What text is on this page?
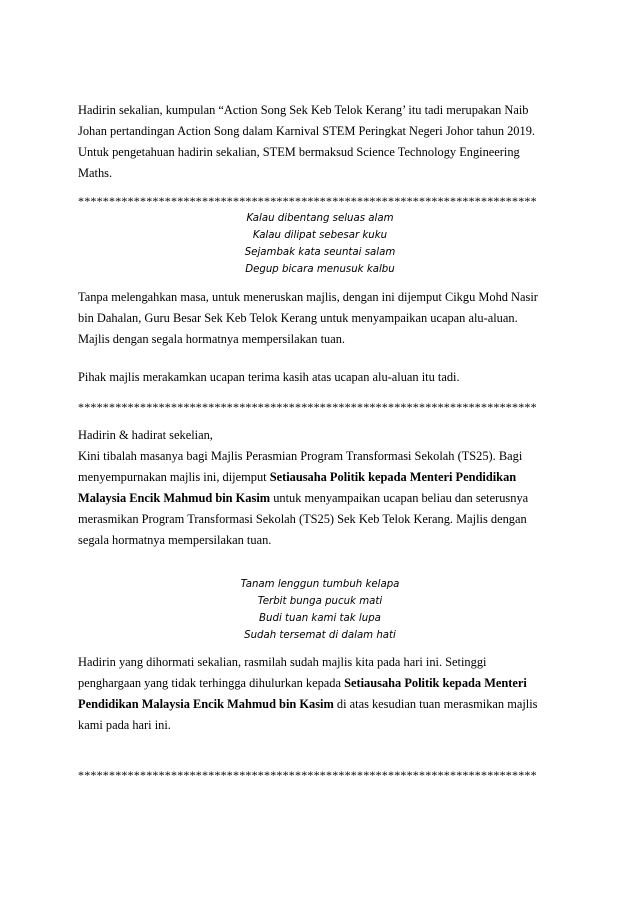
Hadirin sekalian, kumpulan “Action Song Sek Keb Telok Kerang’ itu tadi merupakan Naib
Johan pertandingan Action Song dalam Karnival STEM Peringkat Negeri Johor tahun 2019.
Untuk pengetahuan hadirin sekalian, STEM bermaksud Science Technology Engineering
Maths.

**************************************************************************
Kalau dibentang seluas alam
Kalau dilipat sebesar kuku
Sejambak kata seuntai salam
Degup bicara menusuk kalbu

Tanpa melengahkan masa, untuk meneruskan majlis, dengan ini dijemput Cikgu Mohd Nasir
bin Dahalan, Guru Besar Sek Keb Telok Kerang untuk menyampaikan ucapan alu-aluan.
Majlis dengan segala hormatnya mempersilakan tuan.

Pihak majlis merakamkan ucapan terima kasih atas ucapan alu-aluan itu tadi.

**************************************************************************

Hadirin & hadirat sekelian,
Kini tibalah masanya bagi Majlis Perasmian Program Transformasi Sekolah (TS25). Bagi
menyempurnakan majlis ini, dijemput Setiausaha Politik kepada Menteri Pendidikan
Malaysia Encik Mahmud bin Kasim untuk menyampaikan ucapan beliau dan seterusnya
merasmikan Program Transformasi Sekolah (TS25) Sek Keb Telok Kerang. Majlis dengan
segala hormatnya mempersilakan tuan.

Tanam lenggun tumbuh kelapa
Terbit bunga pucuk mati
Budi tuan kami tak lupa
Sudah tersemat di dalam hati

Hadirin yang dihormati sekalian, rasmilah sudah majlis kita pada hari ini. Setinggi
penghargaan yang tidak terhingga dihulurkan kepada Setiausaha Politik kepada Menteri
Pendidikan Malaysia Encik Mahmud bin Kasim di atas kesudian tuan merasmikan majlis
kami pada hari ini.

**************************************************************************
